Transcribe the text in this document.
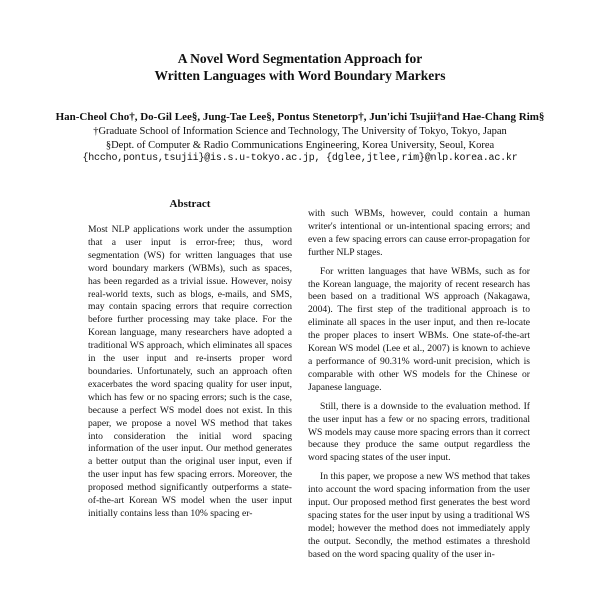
A Novel Word Segmentation Approach for
Written Languages with Word Boundary Markers
Han-Cheol Cho†, Do-Gil Lee§, Jung-Tae Lee§, Pontus Stenetorp†, Jun'ichi Tsujii†and Hae-Chang Rim§
†Graduate School of Information Science and Technology, The University of Tokyo, Tokyo, Japan
§Dept. of Computer & Radio Communications Engineering, Korea University, Seoul, Korea
{hccho,pontus,tsujii}@is.s.u-tokyo.ac.jp, {dglee,jtlee,rim}@nlp.korea.ac.kr
Abstract

Most NLP applications work under the assumption that a user input is error-free; thus, word segmentation (WS) for written languages that use word boundary markers (WBMs), such as spaces, has been regarded as a trivial issue. However, noisy real-world texts, such as blogs, e-mails, and SMS, may contain spacing errors that require correction before further processing may take place. For the Korean language, many researchers have adopted a traditional WS approach, which eliminates all spaces in the user input and re-inserts proper word boundaries. Unfortunately, such an approach often exacerbates the word spacing quality for user input, which has few or no spacing errors; such is the case, because a perfect WS model does not exist. In this paper, we propose a novel WS method that takes into consideration the initial word spacing information of the user input. Our method generates a better output than the original user input, even if the user input has few spacing errors. Moreover, the proposed method significantly outperforms a state-of-the-art Korean WS model when the user input initially contains less than 10% spacing er-

with such WBMs, however, could contain a human writer's intentional or un-intentional spacing errors; and even a few spacing errors can cause error-propagation for further NLP stages.

For written languages that have WBMs, such as for the Korean language, the majority of recent research has been based on a traditional WS approach (Nakagawa, 2004). The first step of the traditional approach is to eliminate all spaces in the user input, and then re-locate the proper places to insert WBMs. One state-of-the-art Korean WS model (Lee et al., 2007) is known to achieve a performance of 90.31% word-unit precision, which is comparable with other WS models for the Chinese or Japanese language.

Still, there is a downside to the evaluation method. If the user input has a few or no spacing errors, traditional WS models may cause more spacing errors than it correct because they produce the same output regardless the word spacing states of the user input.

In this paper, we propose a new WS method that takes into account the word spacing information from the user input. Our proposed method first generates the best word spacing states for the user input by using a traditional WS model; however the method does not immediately apply the output. Secondly, the method estimates a threshold based on the word spacing quality of the user in-
